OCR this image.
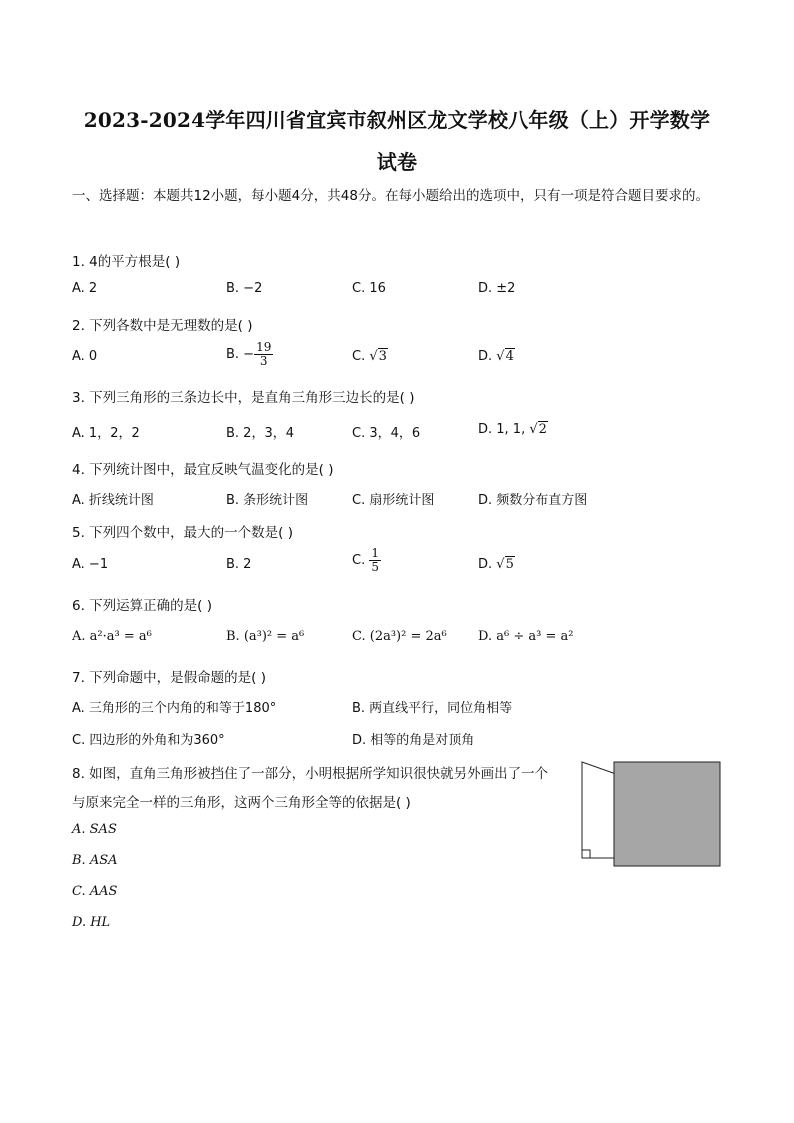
2023-2024学年四川省宜宾市叙州区龙文学校八年级（上）开学数学
试卷
一、选择题：本题共12小题，每小题4分，共48分。在每小题给出的选项中，只有一项是符合题目要求的。
1. 4的平方根是( )
A. 2	B. −2	C. 16	D. ±2
2. 下列各数中是无理数的是( )
A. 0	B. − $\frac{19}{3}$	C. √3	D. √4
3. 下列三角形的三条边长中，是直角三角形三边长的是( )
A. 1，2，2	B. 2，3，4	C. 3，4，6	D. 1, 1, √2
4. 下列统计图中，最宜反映气温变化的是( )
A. 折线统计图	B. 条形统计图	C. 扇形统计图	D. 频数分布直方图
5. 下列四个数中，最大的一个数是( )
A. −1	B. 2	C. $\frac{1}{5}$	D. √5
6. 下列运算正确的是( )
A. a²·a³ = a⁶	B. (a³)² = a⁶	C. (2a³)² = 2a⁶ D. a⁶ ÷ a³ = a²
7. 下列命题中，是假命题的是( )
A. 三角形的三个内角的和等于180°	B. 两直线平行，同位角相等
C. 四边形的外角和为360°	D. 相等的角是对顶角
8. 如图，直角三角形被挡住了一部分，小明根据所学知识很快就另外画出了一个
与原来完全一样的三角形，这两个三角形全等的依据是( )
A. SAS
B. ASA
C. AAS
D. HL
